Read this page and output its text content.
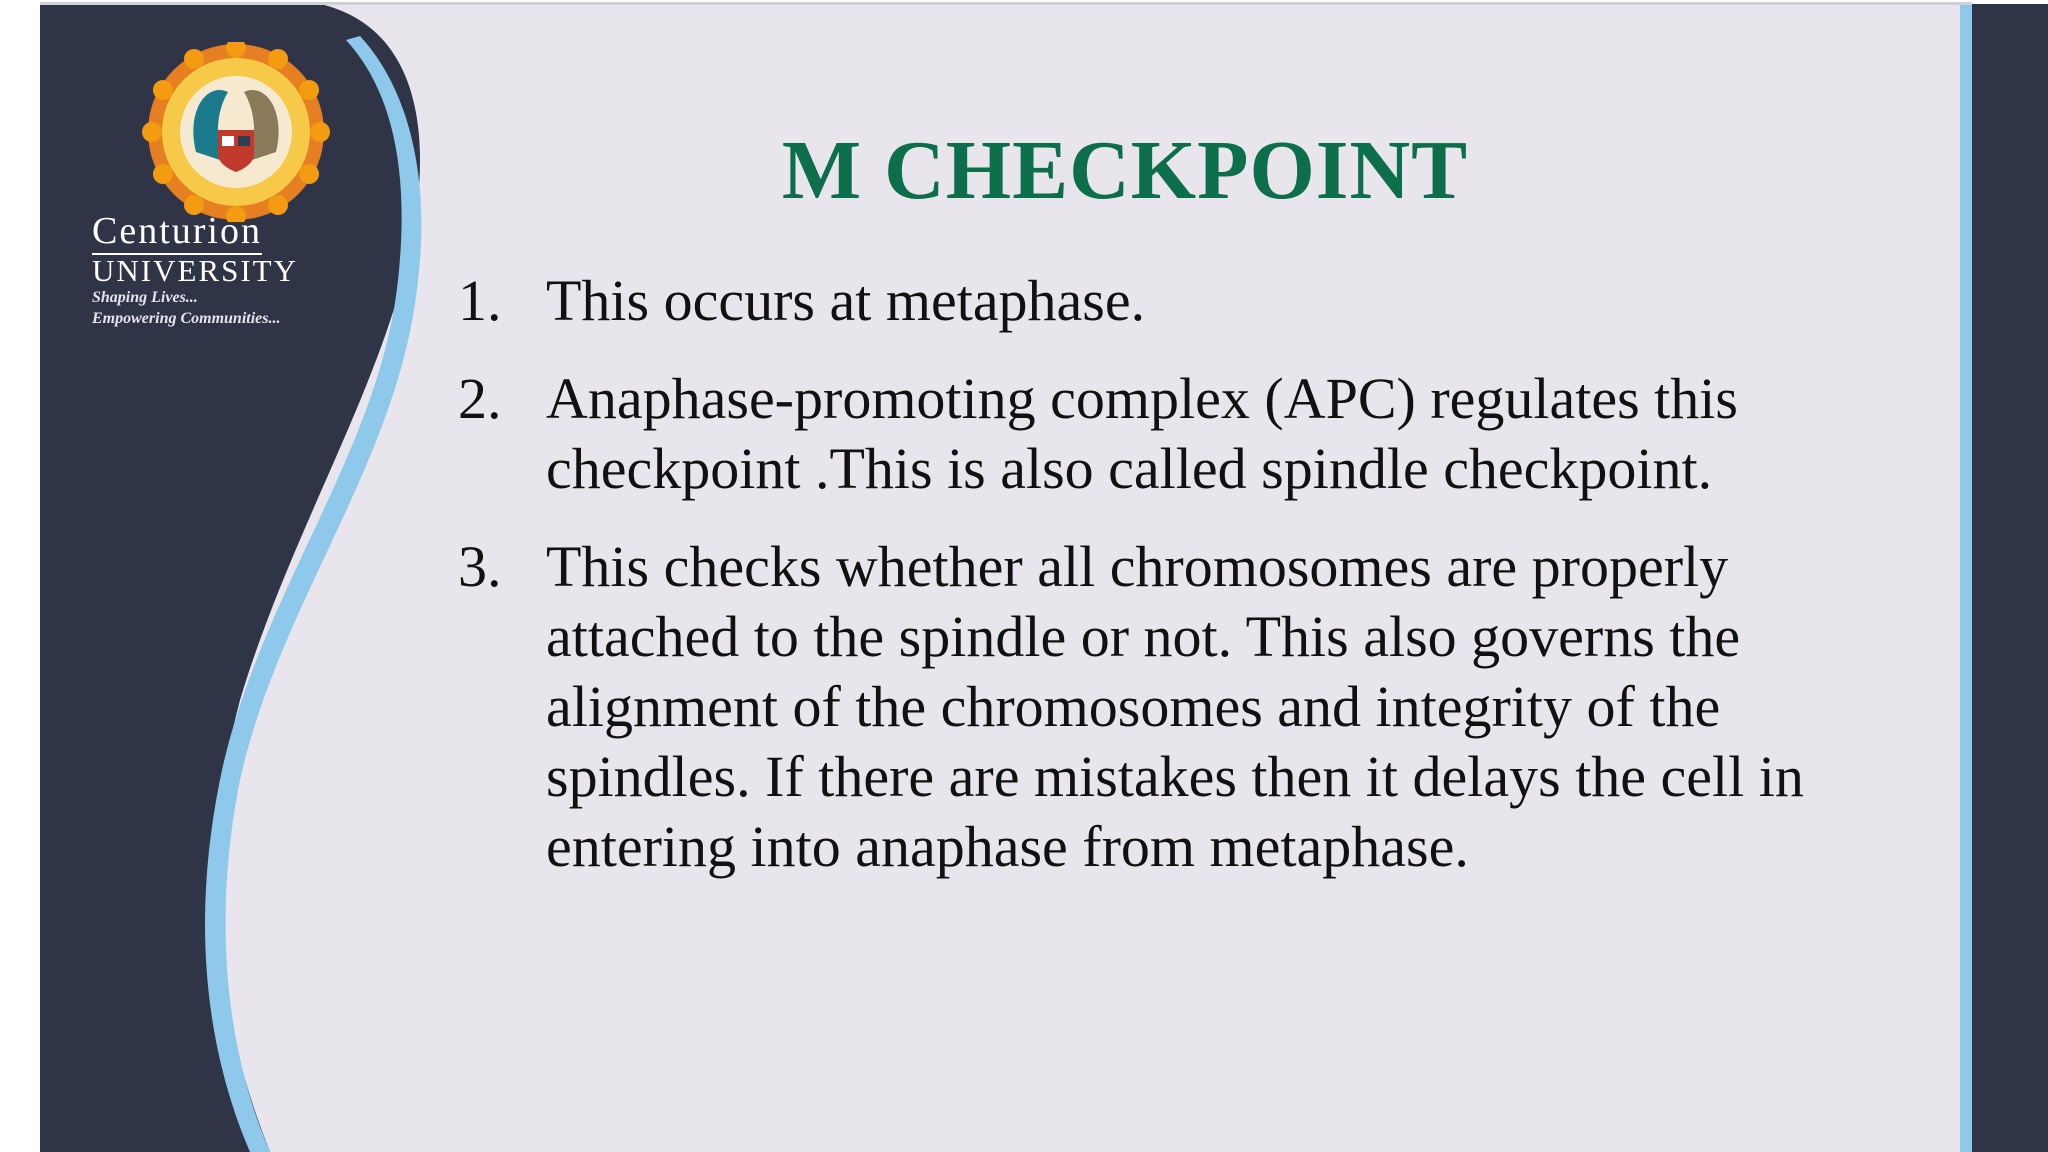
Centurion
UNIVERSITY
Shaping Lives...
Empowering Communities...
M CHECKPOINT
1. This occurs at metaphase.
2. Anaphase-promoting complex (APC) regulates this checkpoint .This is also called spindle checkpoint.
3. This checks whether all chromosomes are properly attached to the spindle or not. This also governs the alignment of the chromosomes and integrity of the spindles. If there are mistakes then it delays the cell in entering into anaphase from metaphase.
